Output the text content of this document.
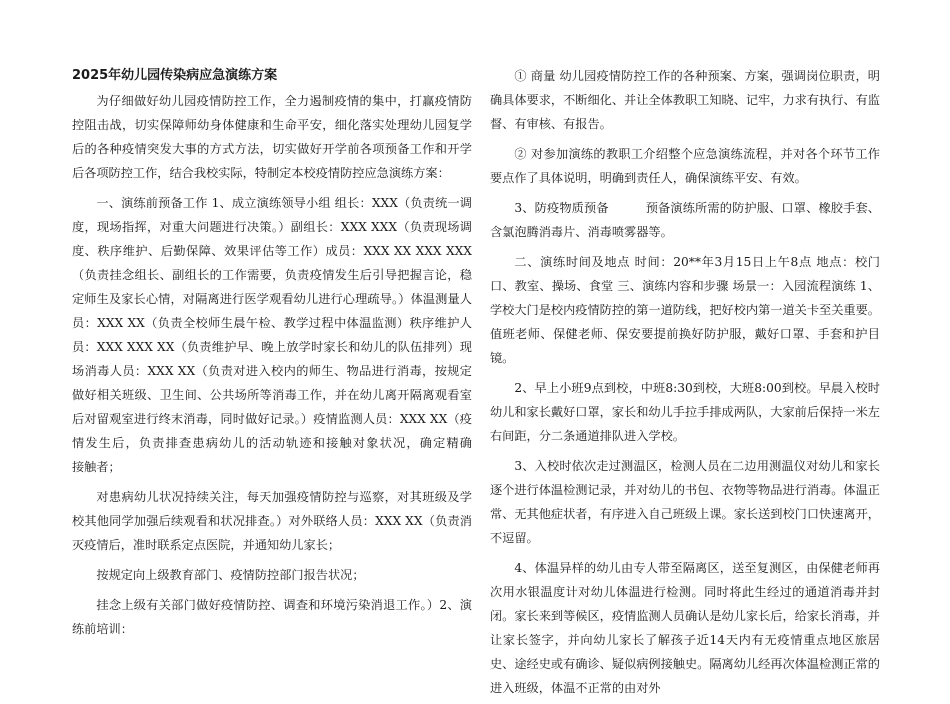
2025年幼儿园传染病应急演练方案

为仔细做好幼儿园疫情防控工作，全力遏制疫情的集中，打赢疫情防控阻击战，切实保障师幼身体健康和生命平安，细化落实处理幼儿园复学后的各种疫情突发大事的方式方法，切实做好开学前各项预备工作和开学后各项防控工作，结合我校实际，特制定本校疫情防控应急演练方案：

一、演练前预备工作 1、成立演练领导小组 组长：XXX（负责统一调度，现场指挥，对重大问题进行决策。）副组长：XXX XXX（负责现场调度、秩序维护、后勤保障、效果评估等工作）成员：XXX XX XXX XXX（负责挂念组长、副组长的工作需要，负责疫情发生后引导把握言论，稳定师生及家长心情，对隔离进行医学观看幼儿进行心理疏导。）体温测量人员：XXX XX（负责全校师生晨午检、教学过程中体温监测）秩序维护人员：XXX XXX XX（负责维护早、晚上放学时家长和幼儿的队伍排列）现场消毒人员：XXX XX（负责对进入校内的师生、物品进行消毒，按规定做好相关班级、卫生间、公共场所等消毒工作，并在幼儿离开隔离观看室后对留观室进行终末消毒，同时做好记录。）疫情监测人员：XXX XX（疫情发生后，负责排查患病幼儿的活动轨迹和接触对象状况，确定精确　　　接触者；

对患病幼儿状况持续关注，每天加强疫情防控与巡察，对其班级及学校其他同学加强后续观看和状况排查。）对外联络人员：XXX XX（负责消灭疫情后，准时联系定点医院，并通知幼儿家长；

按规定向上级教育部门、疫情防控部门报告状况；

挂念上级有关部门做好疫情防控、调查和环境污染消退工作。）2、演练前培训：

① 商量 幼儿园疫情防控工作的各种预案、方案，强调岗位职责，明确具体要求，不断细化、并让全体教职工知晓、记牢，力求有执行、有监督、有审核、有报告。

② 对参加演练的教职工介绍整个应急演练流程，并对各个环节工作要点作了具体说明，明确到责任人，确保演练平安、有效。

3、防疫物质预备　　　预备演练所需的防护服、口罩、橡胶手套、含氯泡腾消毒片、消毒喷雾器等。

二、演练时间及地点 时间：20**年3月15日上午8点 地点：校门口、教室、操场、食堂 三、演练内容和步骤 场景一：入园流程演练 1、学校大门是校内疫情防控的第一道防线，把好校内第一道关卡至关重要。值班老师、保健老师、保安要提前换好防护服，戴好口罩、手套和护目镜。

2、早上小班9点到校，中班8:30到校，大班8:00到校。早晨入校时幼儿和家长戴好口罩，家长和幼儿手拉手排成两队，大家前后保持一米左右间距，分二条通道排队进入学校。

3、入校时依次走过测温区，检测人员在二边用测温仪对幼儿和家长逐个进行体温检测记录，并对幼儿的书包、衣物等物品进行消毒。体温正常、无其他症状者，有序进入自己班级上课。家长送到校门口快速离开，不逗留。

4、体温异样的幼儿由专人带至隔离区，送至复测区，由保健老师再次用水银温度计对幼儿体温进行检测。同时将此生经过的通道消毒并封闭。家长来到等候区，疫情监测人员确认是幼儿家长后，给家长消毒，并让家长签字，并向幼儿家长了解孩子近14天内有无疫情重点地区旅居史、途经史或有确诊、疑似病例接触史。隔离幼儿经再次体温检测正常的进入班级，体温不正常的由对外
